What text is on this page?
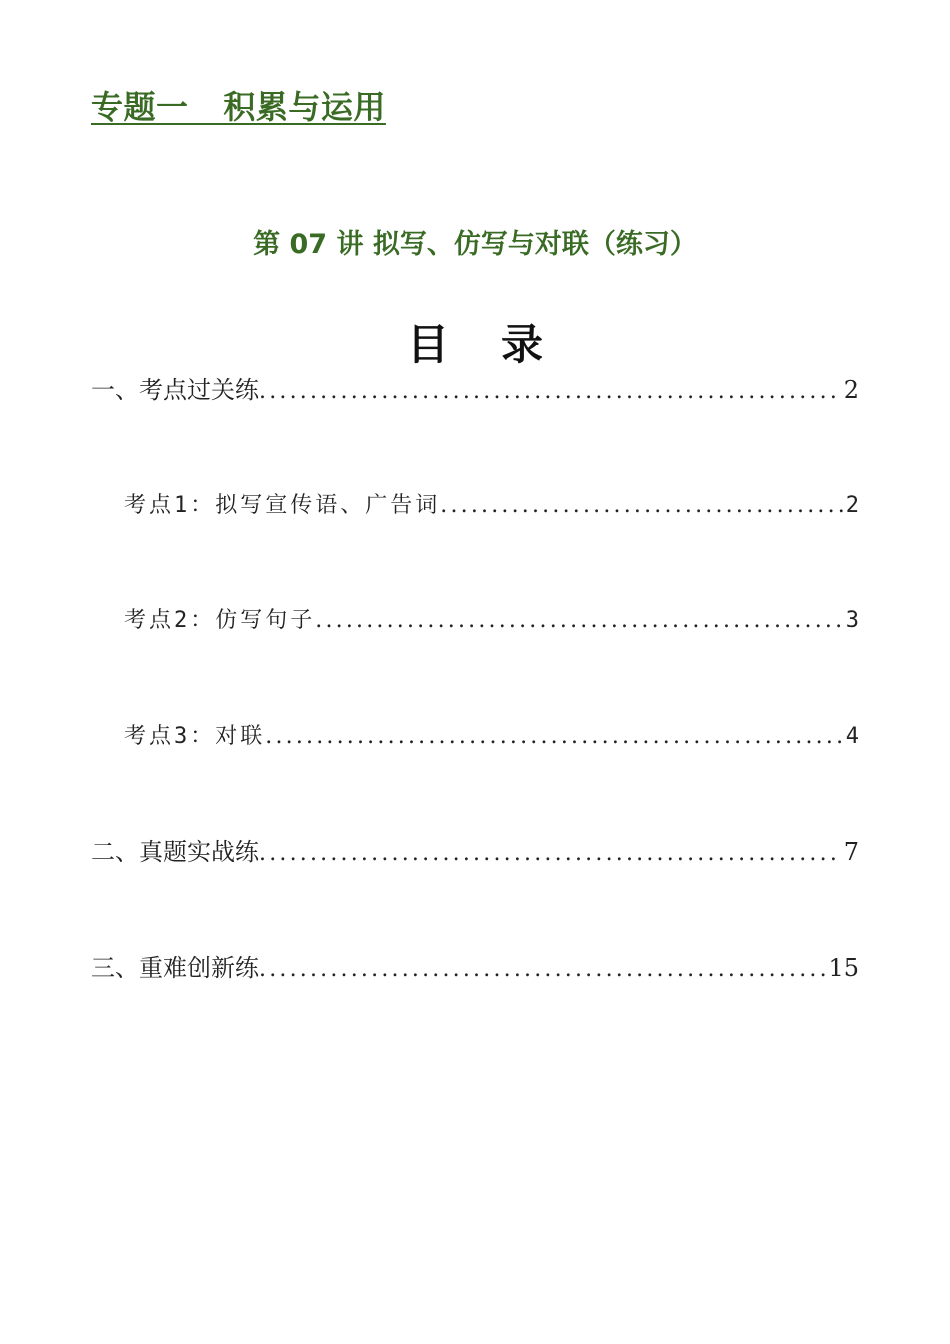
专题一   积累与运用
第 07 讲 拟写、仿写与对联（练习）
目录
一、考点过关练 .....	2
考点1：拟写宣传语、广告词 .....	2
考点2：仿写句子 .....	3
考点3：对联 .....	4
二、真题实战练 .....	7
三、重难创新练 .....	15
